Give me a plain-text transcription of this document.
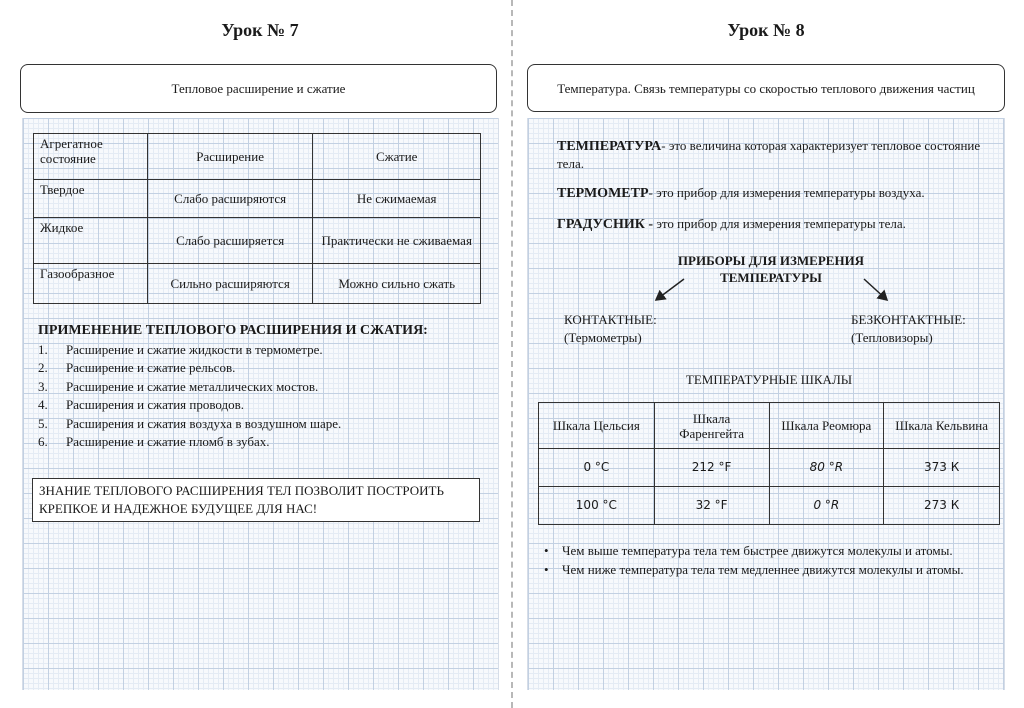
Урок № 7
Тепловое расширение и сжатие
Агрегатное состояние	Расширение	Сжатие
Твердое	Слабо расширяются	Не сжимаемая
Жидкое	Слабо расширяется	Практически не сживаемая
Газообразное	Сильно расширяются	Можно сильно сжать
ПРИМЕНЕНИЕ ТЕПЛОВОГО РАСШИРЕНИЯ И СЖАТИЯ:
Расширение и сжатие жидкости в термометре.
Расширение и сжатие рельсов.
Расширение и сжатие металлических мостов.
Расширения и сжатия проводов.
Расширения и сжатия воздуха в воздушном шаре.
Расширение и сжатие пломб в зубах.
ЗНАНИЕ ТЕПЛОВОГО РАСШИРЕНИЯ ТЕЛ ПОЗВОЛИТ ПОСТРОИТЬ КРЕПКОЕ И НАДЕЖНОЕ БУДУЩЕЕ ДЛЯ НАС!
Урок № 8
Температура. Связь температуры со скоростью теплового движения частиц
ТЕМПЕРАТУРА- это величина которая характеризует тепловое состояние тела.
ТЕРМОМЕТР- это прибор для измерения температуры воздуха.
ГРАДУСНИК - это прибор для измерения температуры тела.
ПРИБОРЫ ДЛЯ ИЗМЕРЕНИЯ ТЕМПЕРАТУРЫ
КОНТАКТНЫЕ:
(Термометры)
БЕЗКОНТАКТНЫЕ:
(Тепловизоры)
ТЕМПЕРАТУРНЫЕ ШКАЛЫ
Шкала Цельсия	Шкала Фаренгейта	Шкала Реомюра	Шкала Кельвина
0 °C	212 °F	80 °R	373 К
100 °C	32 °F	0 °R	273 К
• Чем выше температура тела тем быстрее движутся молекулы и атомы.
• Чем ниже температура тела тем медленнее движутся молекулы и атомы.
